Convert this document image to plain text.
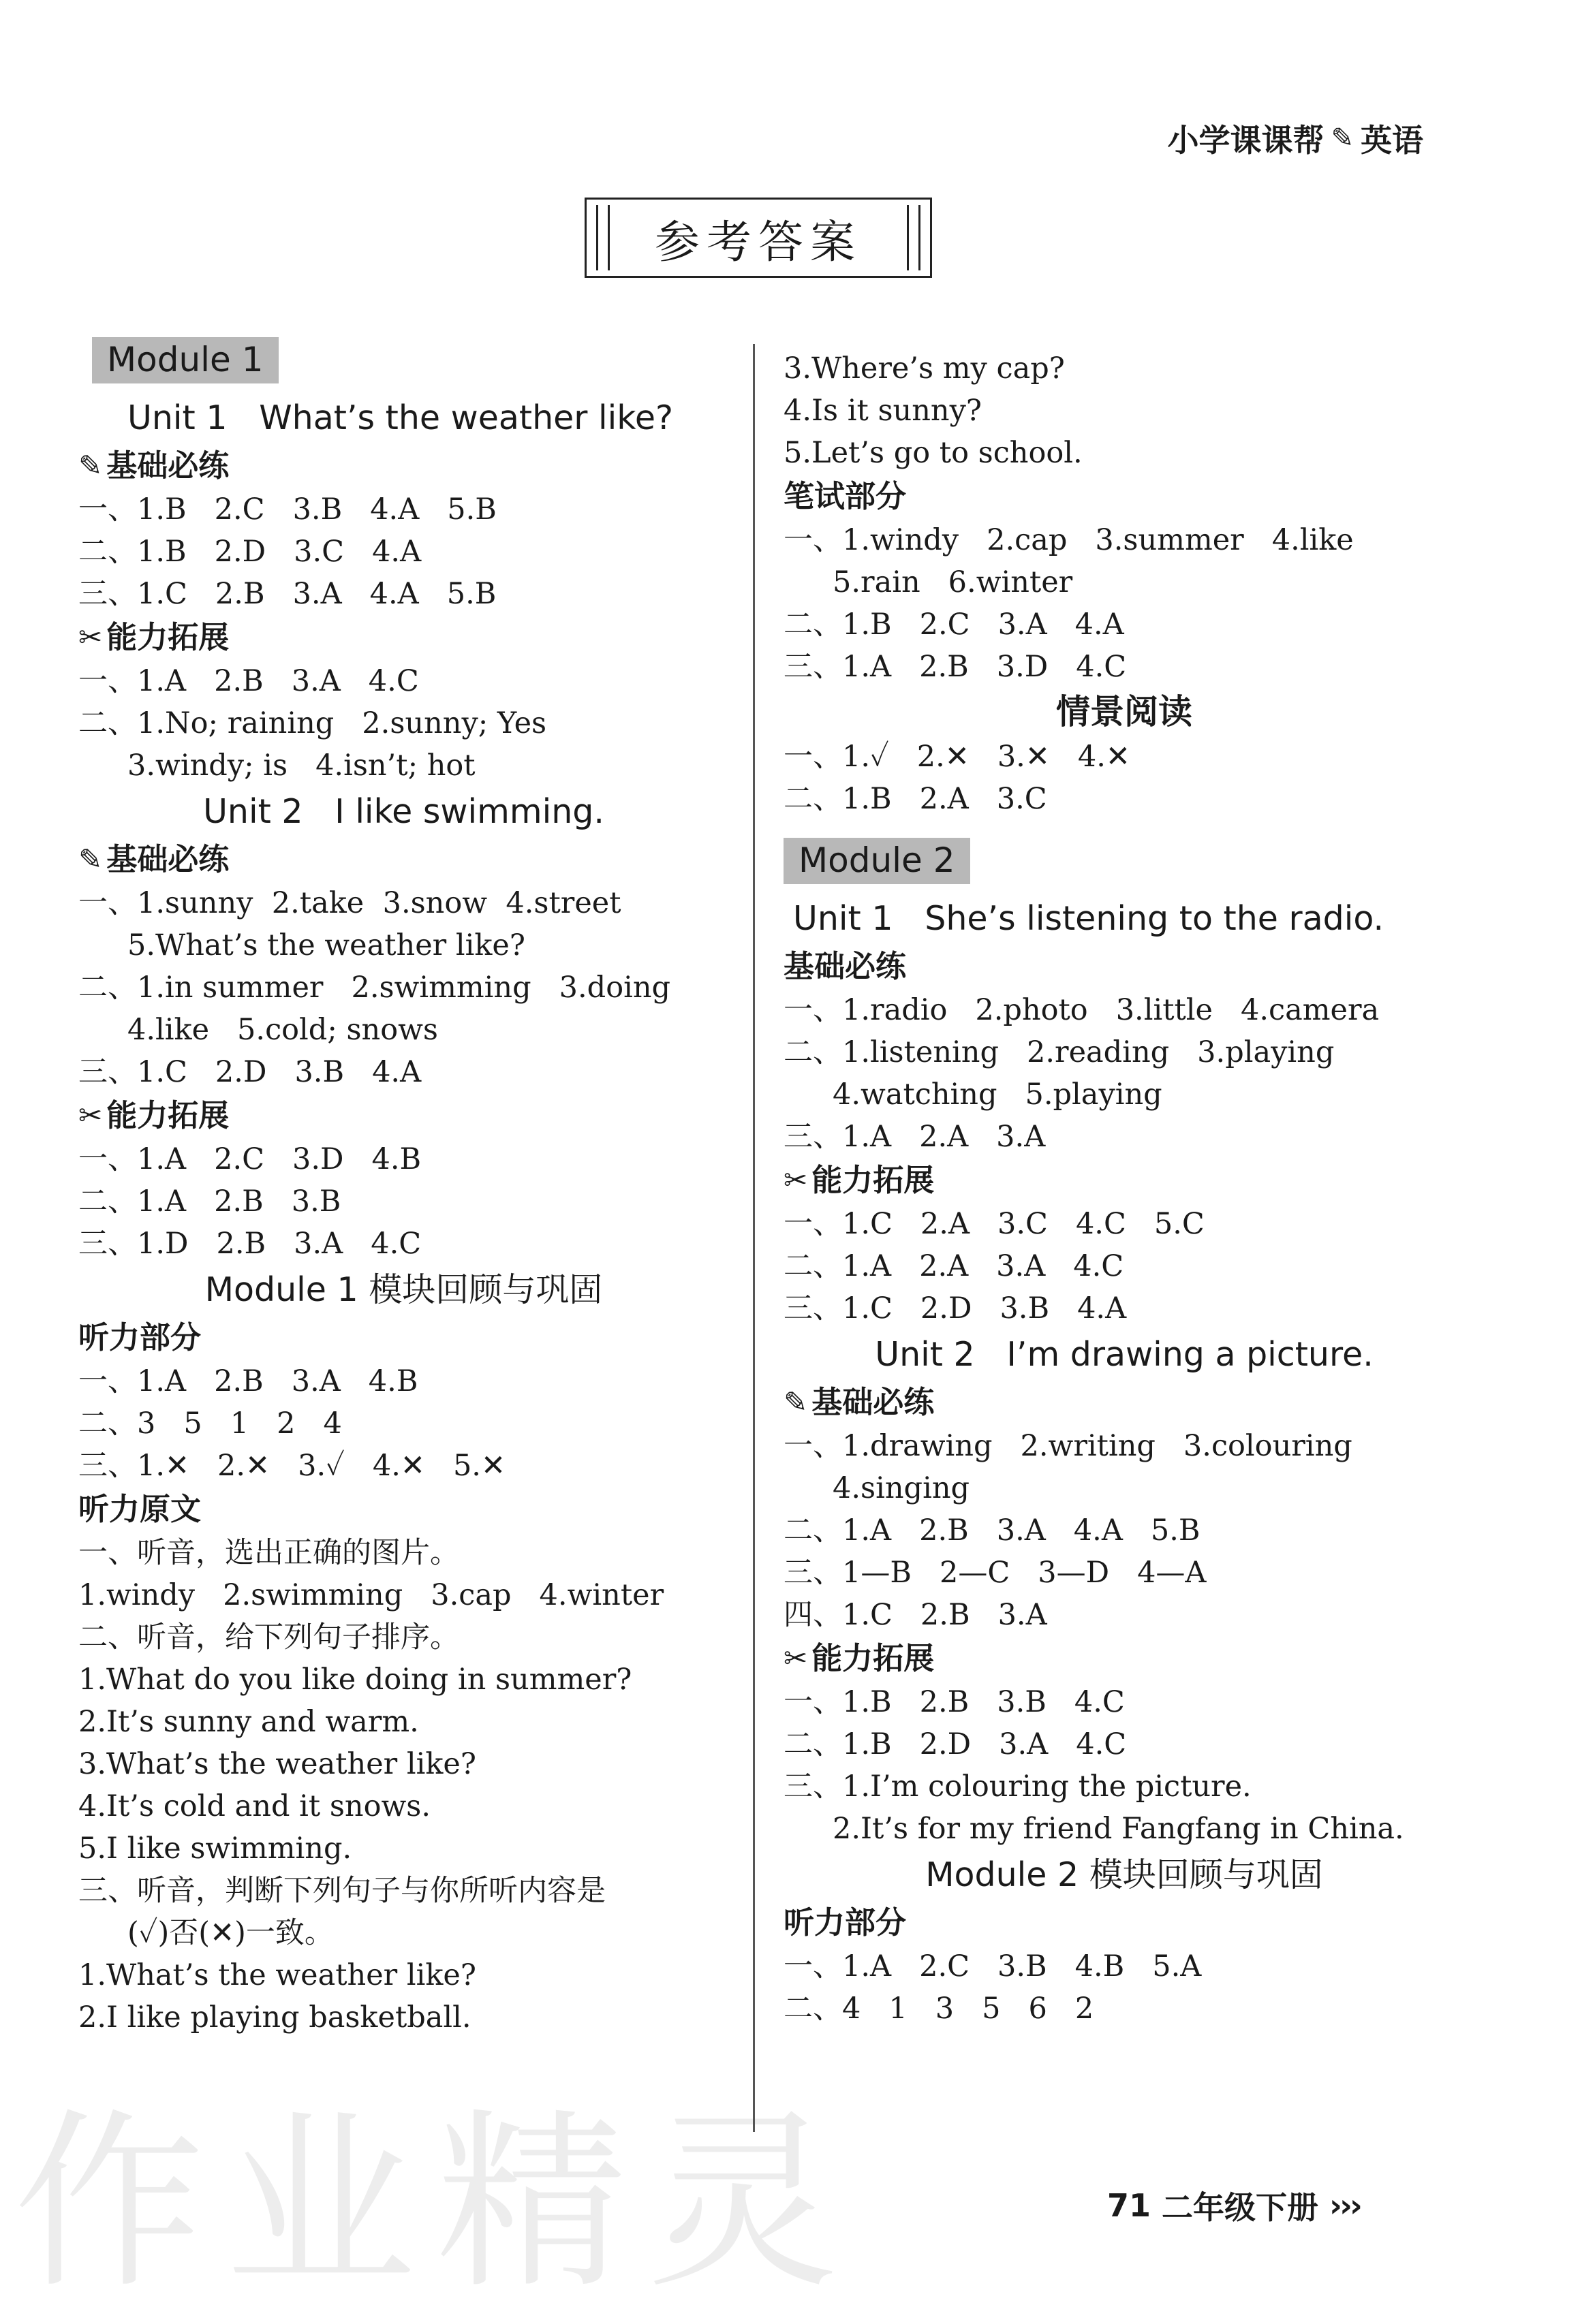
作业精灵
小学课课帮 ✎ 英语
参考答案
Module 1
Unit 1   What’s the weather like?
✎ 基础必练
一、1.B   2.C   3.B   4.A   5.B
二、1.B   2.D   3.C   4.A
三、1.C   2.B   3.A   4.A   5.B
✂ 能力拓展
一、1.A   2.B   3.A   4.C
二、1.No; raining   2.sunny; Yes
3.windy; is   4.isn’t; hot
Unit 2   I like swimming.
✎ 基础必练
一、1.sunny  2.take  3.snow  4.street
5.What’s the weather like?
二、1.in summer   2.swimming   3.doing
4.like   5.cold; snows
三、1.C   2.D   3.B   4.A
✂ 能力拓展
一、1.A   2.C   3.D   4.B
二、1.A   2.B   3.B
三、1.D   2.B   3.A   4.C
Module 1 模块回顾与巩固
听力部分
一、1.A   2.B   3.A   4.B
二、3   5   1   2   4
三、1.✕   2.✕   3.✓   4.✕   5.✕
听力原文
一、听音，选出正确的图片。
1.windy   2.swimming   3.cap   4.winter
二、听音，给下列句子排序。
1.What do you like doing in summer?
2.It’s sunny and warm.
3.What’s the weather like?
4.It’s cold and it snows.
5.I like swimming.
三、听音，判断下列句子与你所听内容是
(✓)否(✕)一致。
1.What’s the weather like?
2.I like playing basketball.
3.Where’s my cap?
4.Is it sunny?
5.Let’s go to school.
笔试部分
一、1.windy   2.cap   3.summer   4.like
5.rain   6.winter
二、1.B   2.C   3.A   4.A
三、1.A   2.B   3.D   4.C
情景阅读
一、1.✓   2.✕   3.✕   4.✕
二、1.B   2.A   3.C
Module 2
Unit 1   She’s listening to the radio.
基础必练
一、1.radio   2.photo   3.little   4.camera
二、1.listening   2.reading   3.playing
4.watching   5.playing
三、1.A   2.A   3.A
✂ 能力拓展
一、1.C   2.A   3.C   4.C   5.C
二、1.A   2.A   3.A   4.C
三、1.C   2.D   3.B   4.A
Unit 2   I’m drawing a picture.
✎ 基础必练
一、1.drawing   2.writing   3.colouring
4.singing
二、1.A   2.B   3.A   4.A   5.B
三、1—B   2—C   3—D   4—A
四、1.C   2.B   3.A
✂ 能力拓展
一、1.B   2.B   3.B   4.C
二、1.B   2.D   3.A   4.C
三、1.I’m colouring the picture.
2.It’s for my friend Fangfang in China.
Module 2 模块回顾与巩固
听力部分
一、1.A   2.C   3.B   4.B   5.A
二、4   1   3   5   6   2
71 二年级下册 ›››
